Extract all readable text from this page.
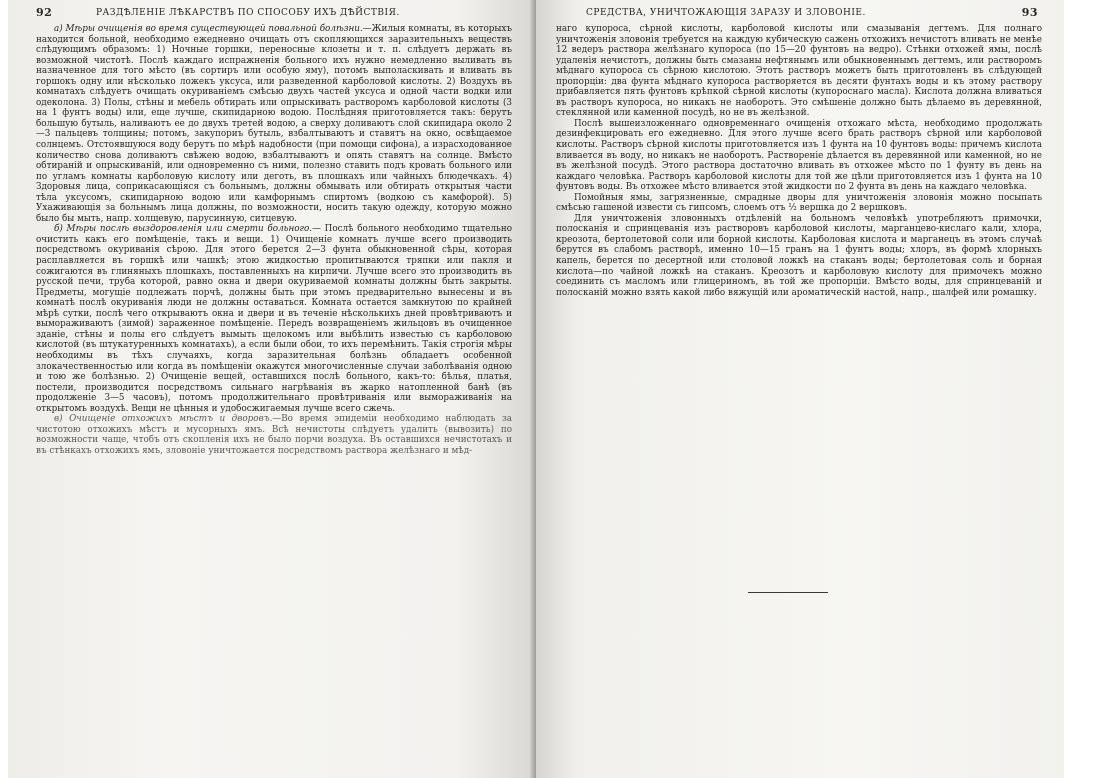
92	РАЗДѢЛЕНІЕ ЛѢКАРСТВЪ ПО СПОСОБУ ИХЪ ДѢЙСТВІЯ.

а) Мѣры очищенія во время существующей повальной болѣзни.—Жилыя комнаты, въ которыхъ находится больной, необходимо ежедневно очищать отъ скопляющихся заразительныхъ веществъ слѣдующимъ образомъ: 1) Ночные горшки, переносные клозеты и т. п. слѣдуетъ держать въ возможной чистотѣ. Послѣ каждаго испражненія больного ихъ нужно немедленно выливать въ назначенное для того мѣсто (въ сортиръ или особую яму), потомъ выполаскивать и вливать въ горшокъ одну или нѣсколько ложекъ уксуса, или разведенной карболовой кислоты. 2) Воздухъ въ комнатахъ слѣдуетъ очищать окуриваніемъ смѣсью двухъ частей уксуса и одной части водки или одеколона. 3) Полы, стѣны и мебель обтирать или опрыскивать растворомъ карболовой кислоты (3 на 1 фунтъ воды) или, еще лучше, скипидарною водою. Послѣдняя приготовляется такъ: берутъ большую бутыль, наливаютъ ее до двухъ третей водою, а сверху доливаютъ слой скипидара около 2—3 пальцевъ толщины; потомъ, закупориъ бутыль, взбалтываютъ и ставятъ на окно, освѣщаемое солнцемъ. Отстоявшуюся воду берутъ по мѣрѣ надобности (при помощи сифона), а израсходованное количество снова доливаютъ свѣжею водою, взбалтываютъ и опять ставятъ на солнце. Вмѣсто обтираній и опрыскиваній, или одновременно съ ними, полезно ставить подъ кровать больного или по угламъ комнаты карболовую кислоту или деготь, въ плошкахъ или чайныхъ блюдечкахъ. 4) Здоровыя лица, соприкасающіяся съ больнымъ, должны обмывать или обтирать открытыя части тѣла уксусомъ, скипидарною водою или камфорнымъ спиртомъ (водкою съ камфорой). 5) Ухаживающія за больнымъ лица должны, по возможности, носить такую одежду, которую можно было бы мыть, напр. холщевую, парусинную, ситцевую.

б) Мѣры послѣ выздоровленія или смерти больного.— Послѣ больного необходимо тщательно очистить какъ его помѣщеніе, такъ и вещи. 1) Очищеніе комнатъ лучше всего производить посредствомъ окуриванія сѣрою. Для этого берется 2—3 фунта обыкновенной сѣры, которая расплавляется въ горшкѣ или чашкѣ; этою жидкостью пропитываются тряпки или пакля и сожигаются въ глиняныхъ плошкахъ, поставленныхъ на кирпичи. Лучше всего это производить въ русской печи, труба которой, равно окна и двери окуриваемой комнаты должны быть закрыты. Предметы, могущіе подлежать порчѣ, должны быть при этомъ предварительно вынесены и въ комнатѣ послѣ окуриванія люди не должны оставаться. Комната остается замкнутою по крайней мѣрѣ сутки, послѣ чего открываютъ окна и двери и въ теченіе нѣсколькихъ дней провѣтриваютъ и вымораживаютъ (зимой) зараженное помѣщеніе. Передъ возвращеніемъ жильцовъ въ очищенное зданіе, стѣны и полы его слѣдуетъ вымыть щелокомъ или выбѣлить известью съ карболовою кислотой (въ штукатуренныхъ комнатахъ), а если были обои, то ихъ перемѣнить. Такія строгія мѣры необходимы въ тѣхъ случаяхъ, когда заразительная болѣзнь обладаетъ особенной злокачественностью или когда въ помѣщеніи окажутся многочисленные случаи заболѣванія одною и тою же болѣзнью. 2) Очищеніе вещей, оставшихся послѣ больного, какъ-то: бѣлья, платья, постели, производится посредствомъ сильнаго нагрѣванія въ жарко натопленной банѣ (въ продолженіе 3—5 часовъ), потомъ продолжительнаго провѣтриванія или вымораживанія на открытомъ воздухѣ. Вещи не цѣнныя и удобосжигаемыя лучше всего сжечь.

в) Очищеніе отхожихъ мѣстъ и дворовъ.—Во время эпидеміи необходимо наблюдать за чистотою отхожихъ мѣстъ и мусорныхъ ямъ. Всѣ нечистоты слѣдуетъ удалить (вывозить) по возможности чаще, чтобъ отъ скопленія ихъ не было порчи воздуха. Въ оставшихся нечистотахъ и въ стѣнкахъ отхожихъ ямъ, зловоніе уничтожается посредствомъ раствора желѣзнаго и мѣд-

СРЕДСТВА, УНИЧТОЖАЮЩІЯ ЗАРАЗУ И ЗЛОВОНІЕ.	93

наго купороса, сѣрной кислоты, карболовой кислоты или смазыванія дегтемъ. Для полнаго уничтоженія зловонія требуется на каждую кубическую сажень отхожихъ нечистотъ вливать не менѣе 12 ведеръ раствора желѣзнаго купороса (по 15—20 фунтовъ на ведро). Стѣнки отхожей ямы, послѣ удаленія нечистотъ, должны быть смазаны нефтянымъ или обыкновеннымъ дегтемъ, или растворомъ мѣднаго купороса съ сѣрною кислотою. Этотъ растворъ можетъ быть приготовленъ въ слѣдующей пропорціи: два фунта мѣднаго купороса растворяется въ десяти фунтахъ воды и къ этому раствору прибавляется пять фунтовъ крѣпкой сѣрной кислоты (купороснаго масла). Кислота должна вливаться въ растворъ купороса, но никакъ не наоборотъ. Это смѣшеніе должно быть дѣлаемо въ деревянной, стеклянной или каменной посудѣ, но не въ желѣзной.

Послѣ вышеизложеннаго одновременнаго очищенія отхожаго мѣста, необходимо продолжать дезинфекцировать его ежедневно. Для этого лучше всего брать растворъ сѣрной или карболовой кислоты. Растворъ сѣрной кислоты приготовляется изъ 1 фунта на 10 фунтовъ воды: причемъ кислота вливается въ воду, но никакъ не наоборотъ. Раствореніе дѣлается въ деревянной или каменной, но не въ желѣзной посудѣ. Этого раствора достаточно вливать въ отхожее мѣсто по 1 фунту въ день на каждаго человѣка. Растворъ карболовой кислоты для той же цѣли приготовляется изъ 1 фунта на 10 фунтовъ воды. Въ отхожее мѣсто вливается этой жидкости по 2 фунта въ день на каждаго человѣка.

Помойныя ямы, загрязненные, смрадные дворы для уничтоженія зловонія можно посыпать смѣсью гашеной извести съ гипсомъ, слоемъ отъ ½ вершка до 2 вершковъ.

Для уничтоженія зловонныхъ отдѣленій на больномъ человѣкѣ употребляютъ примочки, полосканія и спринцеванія изъ растворовъ карболовой кислоты, марганцево-кислаго кали, хлора, креозота, бертолетовой соли или борной кислоты. Карболовая кислота и марганецъ въ этомъ случаѣ берутся въ слабомъ растворѣ, именно 10—15 гранъ на 1 фунтъ воды; хлоръ, въ формѣ хлорныхъ капель, берется по десертной или столовой ложкѣ на стаканъ воды; бертолетовая соль и борная кислота—по чайной ложкѣ на стаканъ. Креозотъ и карболовую кислоту для примочекъ можно соединить съ масломъ или глицериномъ, въ той же пропорціи. Вмѣсто воды, для спринцеваній и полосканій можно взять какой либо вяжущій или ароматическій настой, напр., шалфей или ромашку.
